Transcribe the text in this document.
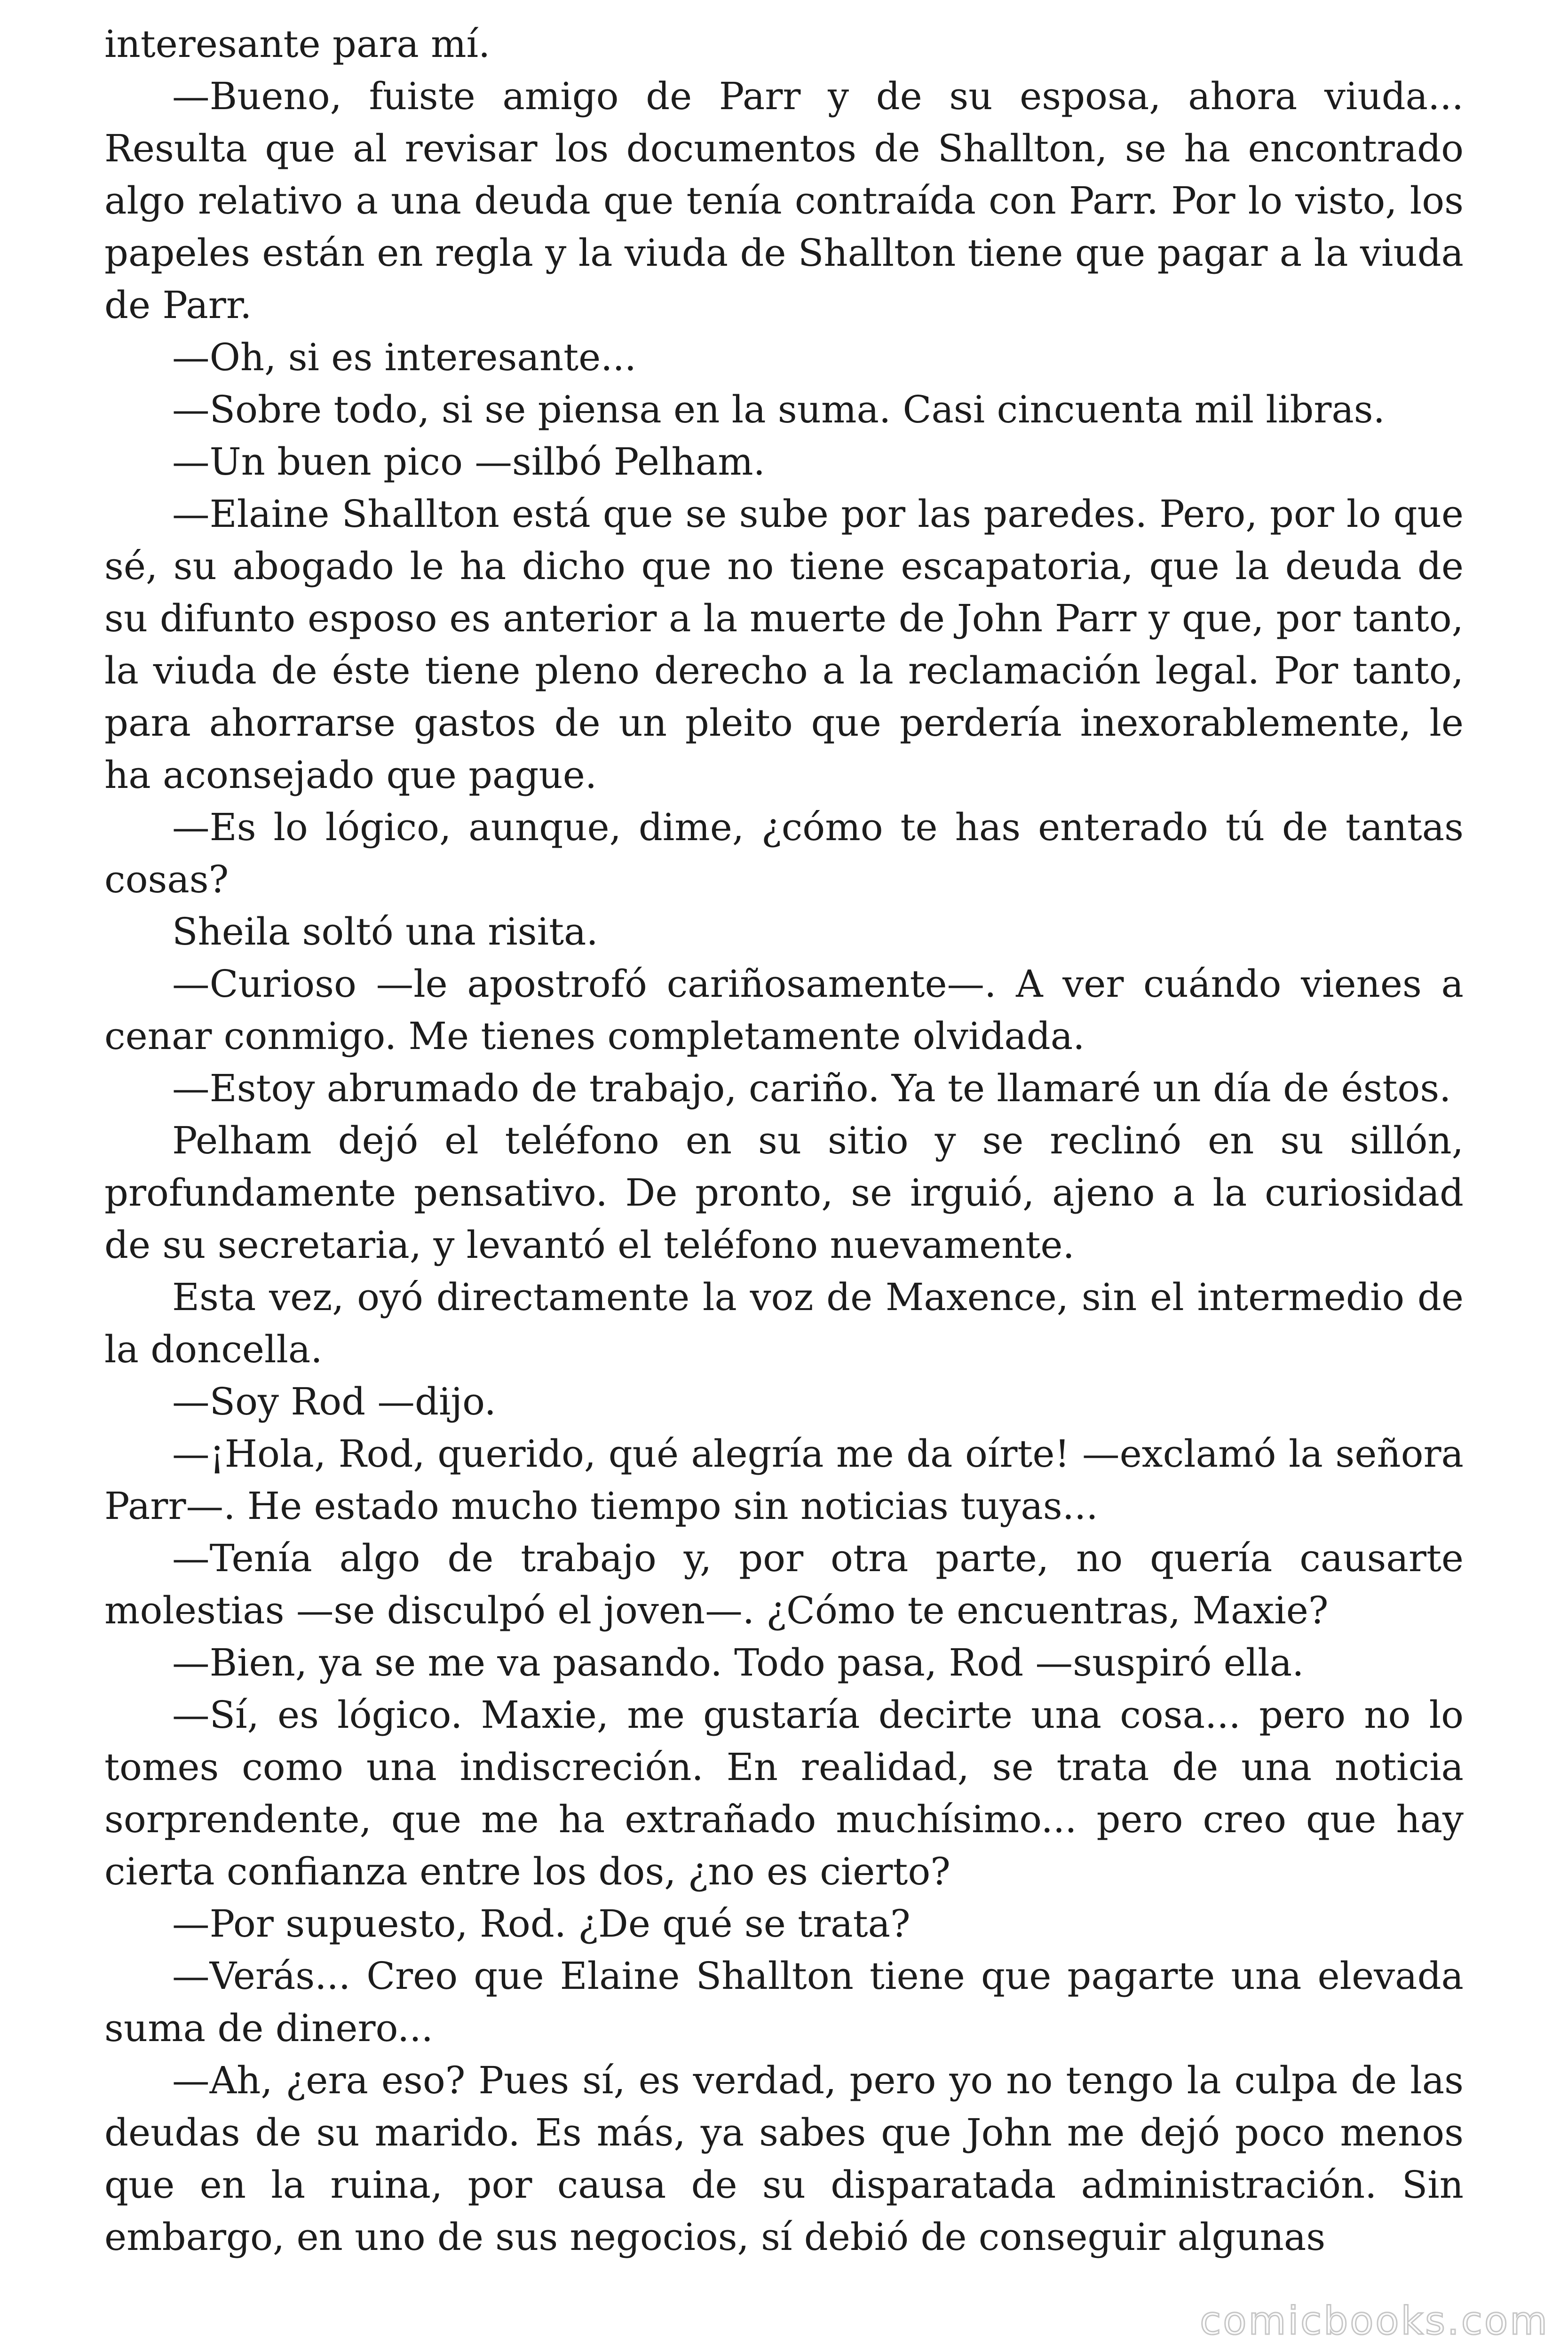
interesante para mí.

—Bueno, fuiste amigo de Parr y de su esposa, ahora viuda... Resulta que al revisar los documentos de Shallton, se ha encontrado algo relativo a una deuda que tenía contraída con Parr. Por lo visto, los papeles están en regla y la viuda de Shallton tiene que pagar a la viuda de Parr.

—Oh, si es interesante...

—Sobre todo, si se piensa en la suma. Casi cincuenta mil libras.

—Un buen pico —silbó Pelham.

—Elaine Shallton está que se sube por las paredes. Pero, por lo que sé, su abogado le ha dicho que no tiene escapatoria, que la deuda de su difunto esposo es anterior a la muerte de John Parr y que, por tanto, la viuda de éste tiene pleno derecho a la reclamación legal. Por tanto, para ahorrarse gastos de un pleito que perdería inexorablemente, le ha aconsejado que pague.

—Es lo lógico, aunque, dime, ¿cómo te has enterado tú de tantas cosas?

Sheila soltó una risita.

—Curioso —le apostrofó cariñosamente—. A ver cuándo vienes a cenar conmigo. Me tienes completamente olvidada.

—Estoy abrumado de trabajo, cariño. Ya te llamaré un día de éstos.

Pelham dejó el teléfono en su sitio y se reclinó en su sillón, profundamente pensativo. De pronto, se irguió, ajeno a la curiosidad de su secretaria, y levantó el teléfono nuevamente.

Esta vez, oyó directamente la voz de Maxence, sin el intermedio de la doncella.

—Soy Rod —dijo.

—¡Hola, Rod, querido, qué alegría me da oírte! —exclamó la señora Parr—. He estado mucho tiempo sin noticias tuyas...

—Tenía algo de trabajo y, por otra parte, no quería causarte molestias —se disculpó el joven—. ¿Cómo te encuentras, Maxie?

—Bien, ya se me va pasando. Todo pasa, Rod —suspiró ella.

—Sí, es lógico. Maxie, me gustaría decirte una cosa... pero no lo tomes como una indiscreción. En realidad, se trata de una noticia sorprendente, que me ha extrañado muchísimo... pero creo que hay cierta confianza entre los dos, ¿no es cierto?

—Por supuesto, Rod. ¿De qué se trata?

—Verás... Creo que Elaine Shallton tiene que pagarte una elevada suma de dinero...

—Ah, ¿era eso? Pues sí, es verdad, pero yo no tengo la culpa de las deudas de su marido. Es más, ya sabes que John me dejó poco menos que en la ruina, por causa de su disparatada administración. Sin embargo, en uno de sus negocios, sí debió de conseguir algunas

comicbooks.com
